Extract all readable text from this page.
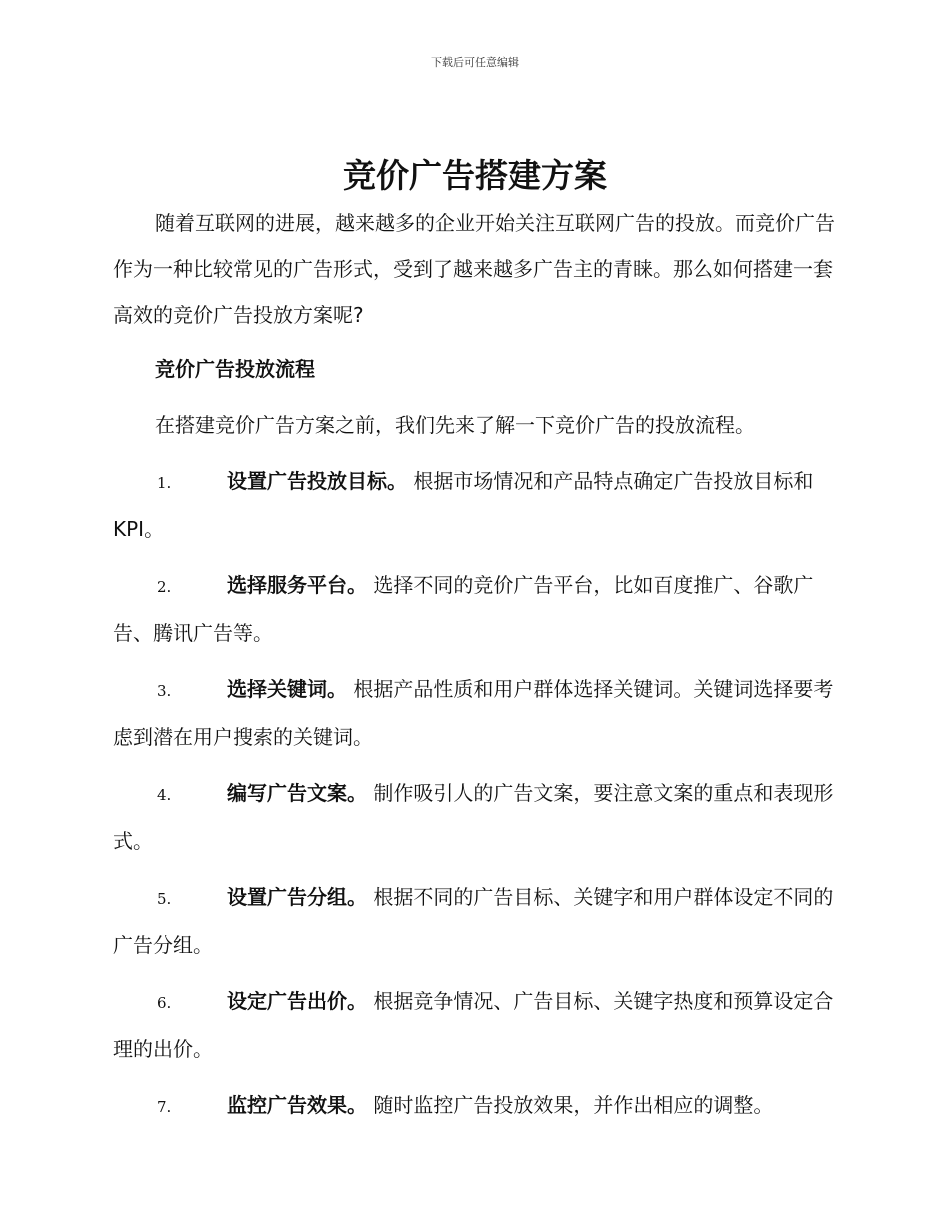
下载后可任意编辑
竞价广告搭建方案

随着互联网的进展，越来越多的企业开始关注互联网广告的投放。而竞价广告作为一种比较常见的广告形式，受到了越来越多广告主的青睐。那么如何搭建一套高效的竞价广告投放方案呢?

竞价广告投放流程
在搭建竞价广告方案之前，我们先来了解一下竞价广告的投放流程。
1.	设置广告投放目标。 根据市场情况和产品特点确定广告投放目标和 KPI。
2.	选择服务平台。 选择不同的竞价广告平台，比如百度推广、谷歌广告、腾讯广告等。
3.	选择关键词。 根据产品性质和用户群体选择关键词。关键词选择要考虑到潜在用户搜索的关键词。
4.	编写广告文案。 制作吸引人的广告文案，要注意文案的重点和表现形式。
5.	设置广告分组。 根据不同的广告目标、关键字和用户群体设定不同的广告分组。
6.	设定广告出价。 根据竞争情况、广告目标、关键字热度和预算设定合理的出价。
7.	监控广告效果。 随时监控广告投放效果，并作出相应的调整。
